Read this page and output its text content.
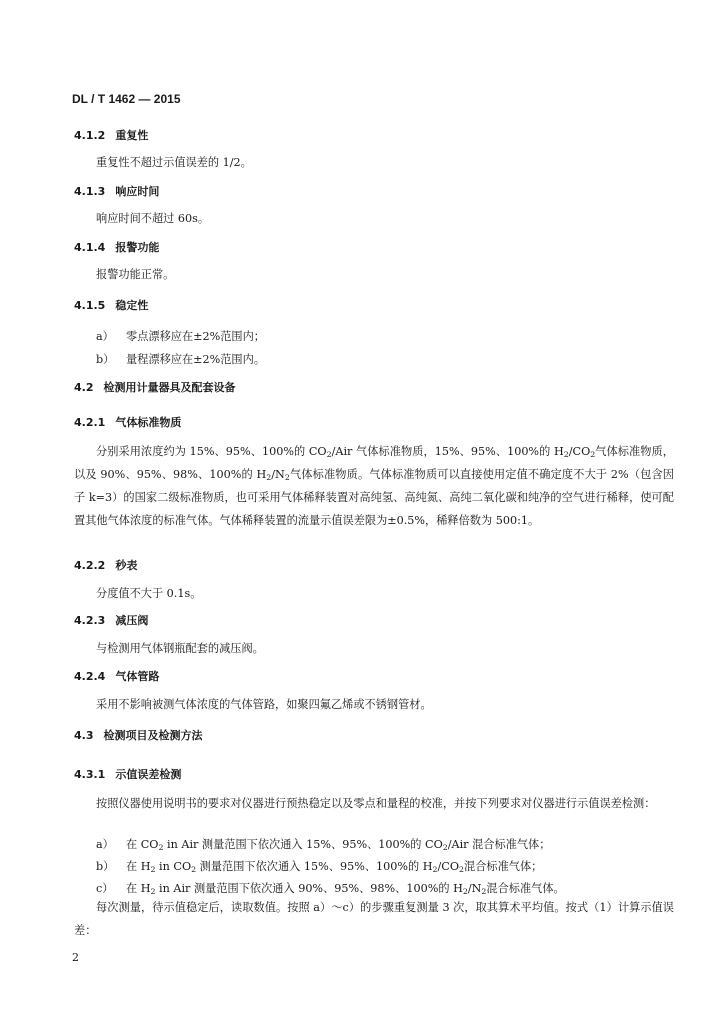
DL / T 1462 — 2015
4.1.2 重复性
重复性不超过示值误差的 1/2。
4.1.3 响应时间
响应时间不超过 60s。
4.1.4 报警功能
报警功能正常。
4.1.5 稳定性
a） 零点漂移应在±2%范围内；
b） 量程漂移应在±2%范围内。
4.2 检测用计量器具及配套设备
4.2.1 气体标准物质
分别采用浓度约为 15%、95%、100%的 $CO_2$/Air 气体标准物质，15%、95%、100%的 $H_2/CO_2$气体标准物质，以及 90%、95%、98%、100%的 $H_2/N_2$气体标准物质。气体标准物质可以直接使用定值不确定度不大于 2%（包含因子 k=3）的国家二级标准物质，也可采用气体稀释装置对高纯氢、高纯氮、高纯二氧化碳和纯净的空气进行稀释，使可配置其他气体浓度的标准气体。气体稀释装置的流量示值误差限为±0.5%，稀释倍数为 500:1。
4.2.2 秒表
分度值不大于 0.1s。
4.2.3 减压阀
与检测用气体钢瓶配套的减压阀。
4.2.4 气体管路
采用不影响被测气体浓度的气体管路，如聚四氟乙烯或不锈钢管材。
4.3 检测项目及检测方法
4.3.1 示值误差检测
按照仪器使用说明书的要求对仪器进行预热稳定以及零点和量程的校准，并按下列要求对仪器进行示值误差检测：
a） 在 $CO_2$ in Air 测量范围下依次通入 15%、95%、100%的 $CO_2$/Air 混合标准气体；
b） 在 $H_2$ in $CO_2$ 测量范围下依次通入 15%、95%、100%的 $H_2/CO_2$混合标准气体；
c） 在 $H_2$ in Air 测量范围下依次通入 90%、95%、98%、100%的 $H_2/N_2$混合标准气体。
每次测量，待示值稳定后，读取数值。按照 a）～c）的步骤重复测量 3 次，取其算术平均值。按式（1）计算示值误差：
2
